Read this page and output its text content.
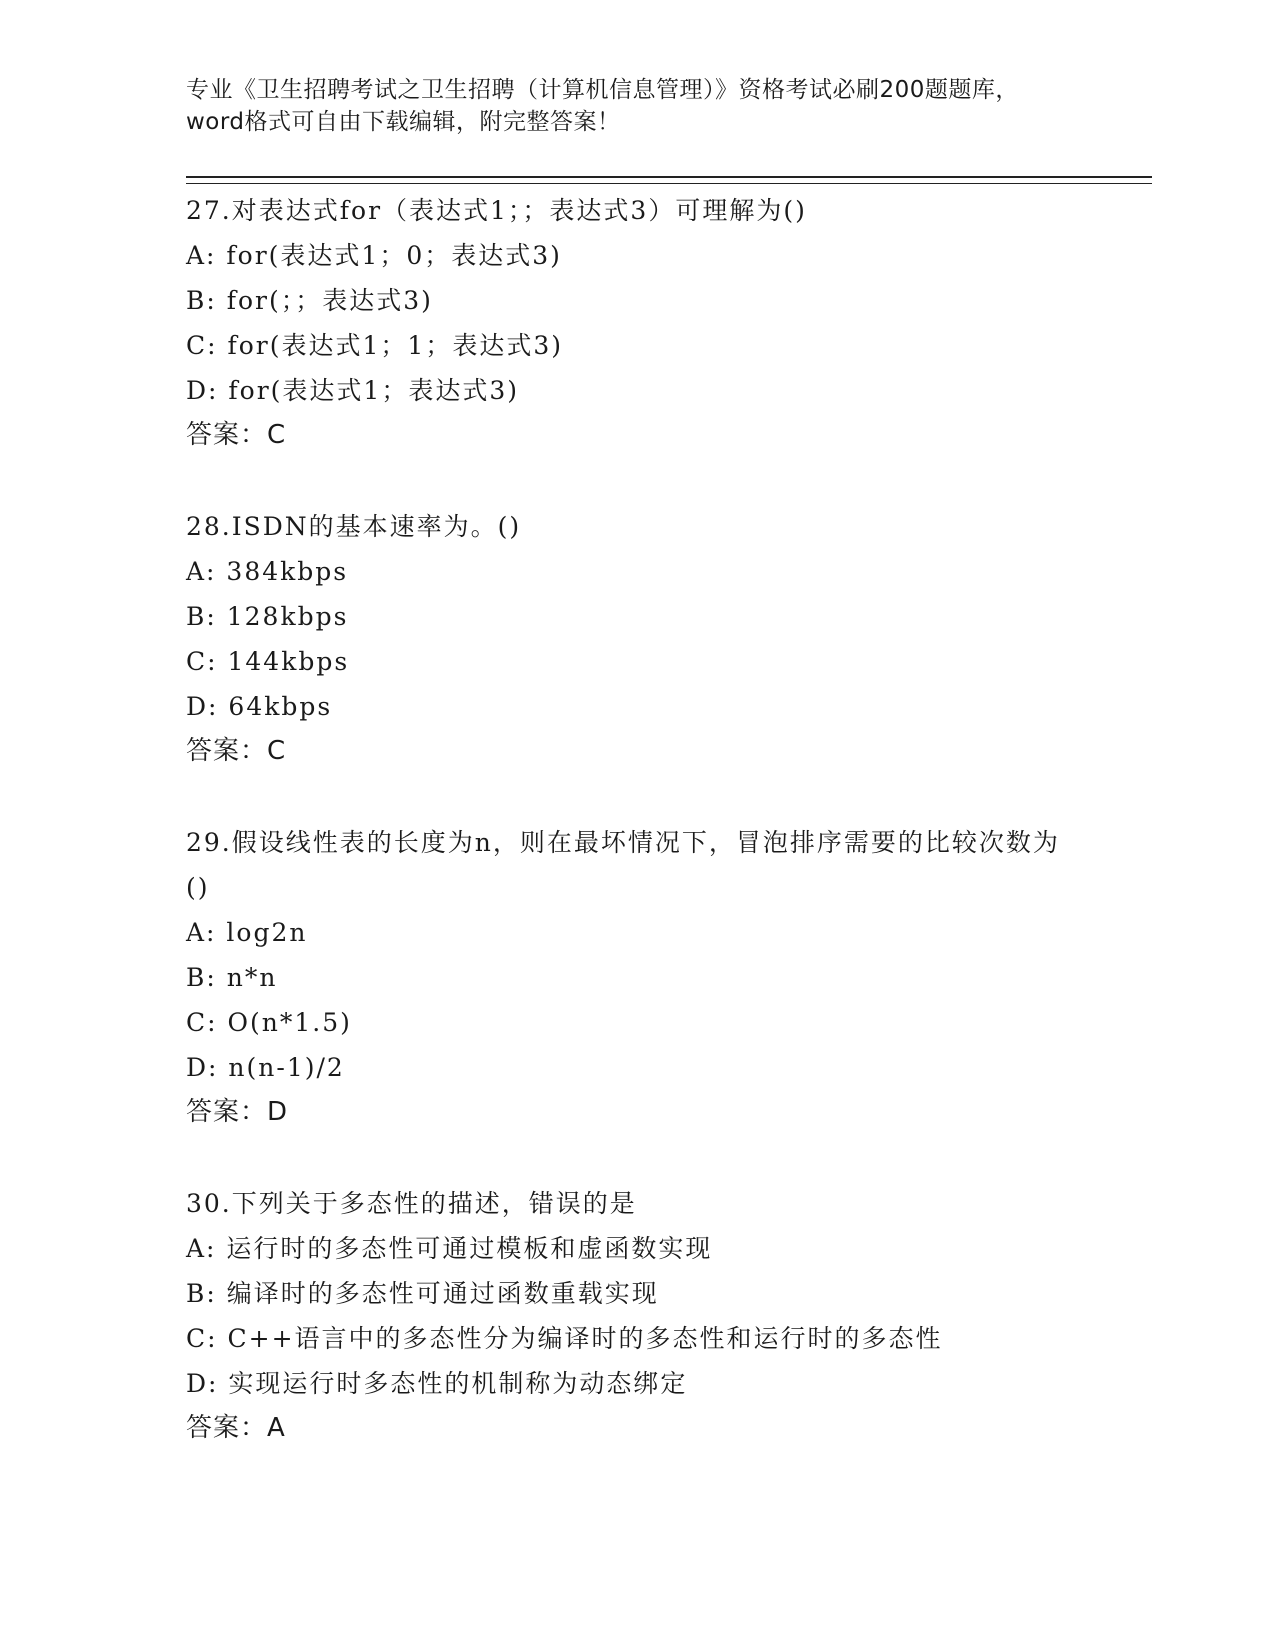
专业《卫生招聘考试之卫生招聘（计算机信息管理）》资格考试必刷200题题库，
word格式可自由下载编辑，附完整答案！
27.对表达式for（表达式1；；表达式3）可理解为()
A: for(表达式1；0；表达式3)
B: for(；；表达式3)
C: for(表达式1；1；表达式3)
D: for(表达式1；表达式3)
答案：C
28.ISDN的基本速率为。()
A: 384kbps
B: 128kbps
C: 144kbps
D: 64kbps
答案：C
29.假设线性表的长度为n，则在最坏情况下，冒泡排序需要的比较次数为()
A: log2n
B: n*n
C: O(n*1.5)
D: n(n-1)/2
答案：D
30.下列关于多态性的描述，错误的是
A: 运行时的多态性可通过模板和虚函数实现
B: 编译时的多态性可通过函数重载实现
C: C++语言中的多态性分为编译时的多态性和运行时的多态性
D: 实现运行时多态性的机制称为动态绑定
答案：A
